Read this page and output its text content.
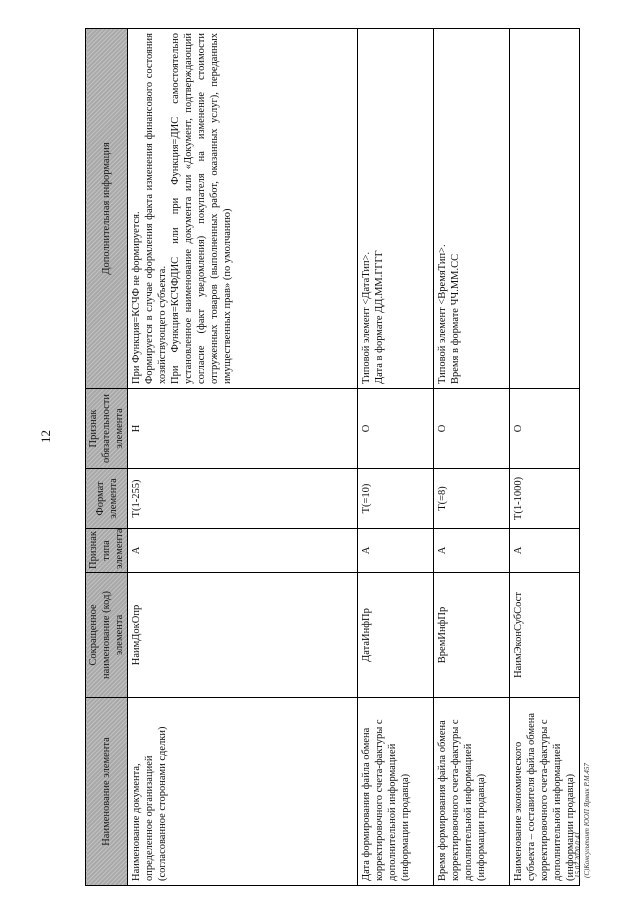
12
Наименование элемента	Сокращенное наименование (код) элемента	Признак типа элемента	Формат элемента	Признак обязательности элемента	Дополнительная информация
Наименование документа, определенное организацией (согласованное сторонами сделки)	НаимДокОпр	А	Т(1-255)	Н	При Функция=КСЧФ не формируется. Формируется в случае оформления факта изменения финансового состояния хозяйствующего субъекта. При Функция=КСЧФДИС или при Функция=ДИС самостоятельно установленное наименование документа или «Документ, подтверждающий согласие (факт уведомления) покупателя на изменение стоимости отгруженных товаров (выполненных работ, оказанных услуг), переданных имущественных прав» (по умолчанию)

Дата формирования файла обмена корректировочного счета-фактуры с дополнительной информацией (информации продавца)	ДатаИнфПр	А	Т(=10)	О	Типовой элемент <ДатаТип>. Дата в формате ДД.ММ.ГГГГ

Время формирования файла обмена корректировочного счета-фактуры с дополнительной информацией (информации продавца)	ВремИнфПр	А	Т(=8)	О	Типовой элемент <ВремяТип>. Время в формате ЧЧ.ММ.СС

Наименование экономического субъекта – составителя файла обмена корректировочного счета-фактуры с дополнительной информацией (информации продавца)	НаимЭконСубСост	А	Т(1-1000)	О	
15.02.2020 0:41 (С)Консультант ЮОП Ярмак Р.М.457
